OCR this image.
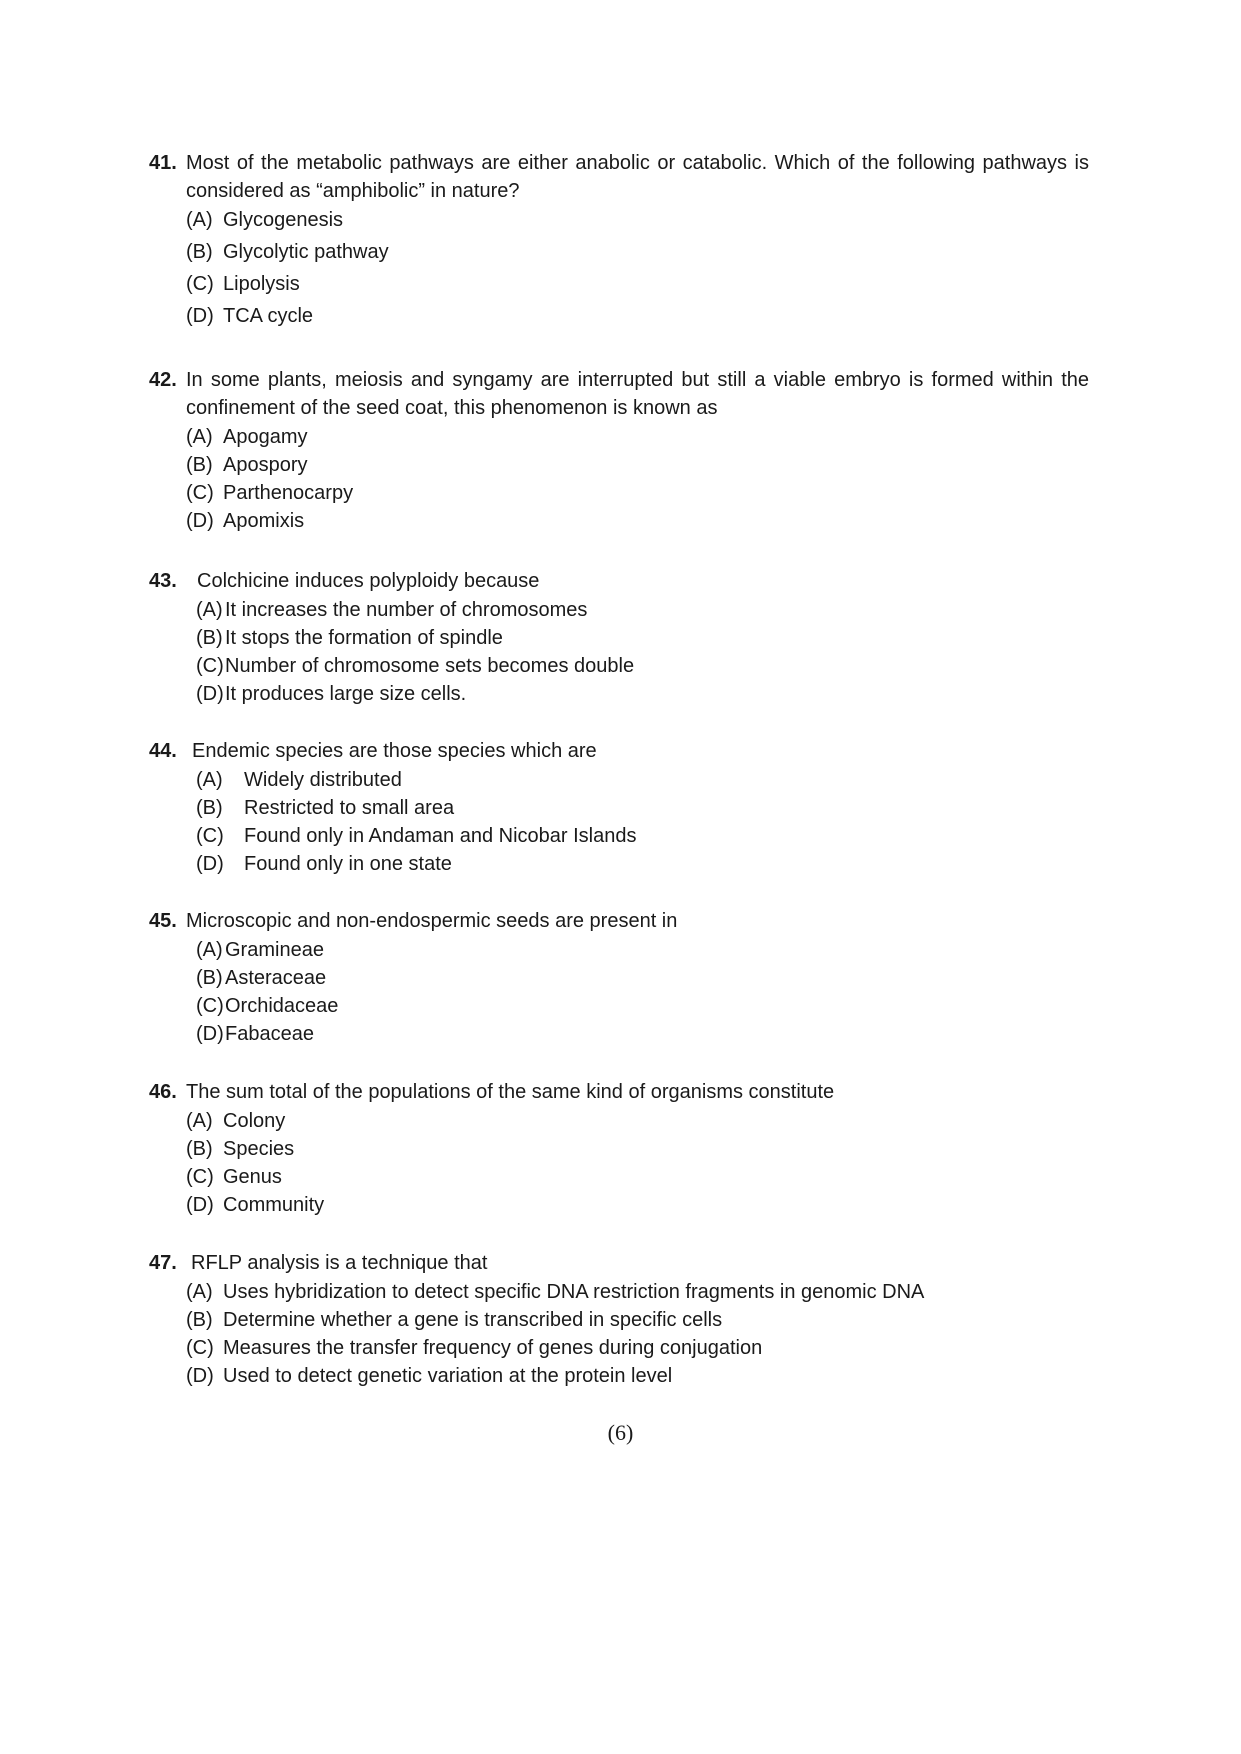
41. Most of the metabolic pathways are either anabolic or catabolic. Which of the following pathways is considered as “amphibolic” in nature?
(A) Glycogenesis
(B) Glycolytic pathway
(C) Lipolysis
(D) TCA cycle
42. In some plants, meiosis and syngamy are interrupted but still a viable embryo is formed within the confinement of the seed coat, this phenomenon is known as
(A) Apogamy
(B) Apospory
(C) Parthenocarpy
(D) Apomixis
43. Colchicine induces polyploidy because
(A) It increases the number of chromosomes
(B) It stops the formation of spindle
(C) Number of chromosome sets becomes double
(D) It produces large size cells.
44. Endemic species are those species which are
(A) Widely distributed
(B) Restricted to small area
(C) Found only in Andaman and Nicobar Islands
(D) Found only in one state
45. Microscopic and non-endospermic seeds are present in
(A) Gramineae
(B) Asteraceae
(C) Orchidaceae
(D) Fabaceae
46. The sum total of the populations of the same kind of organisms constitute
(A) Colony
(B) Species
(C) Genus
(D) Community
47. RFLP analysis is a technique that
(A) Uses hybridization to detect specific DNA restriction fragments in genomic DNA
(B) Determine whether a gene is transcribed in specific cells
(C) Measures the transfer frequency of genes during conjugation
(D) Used to detect genetic variation at the protein level
(6)
